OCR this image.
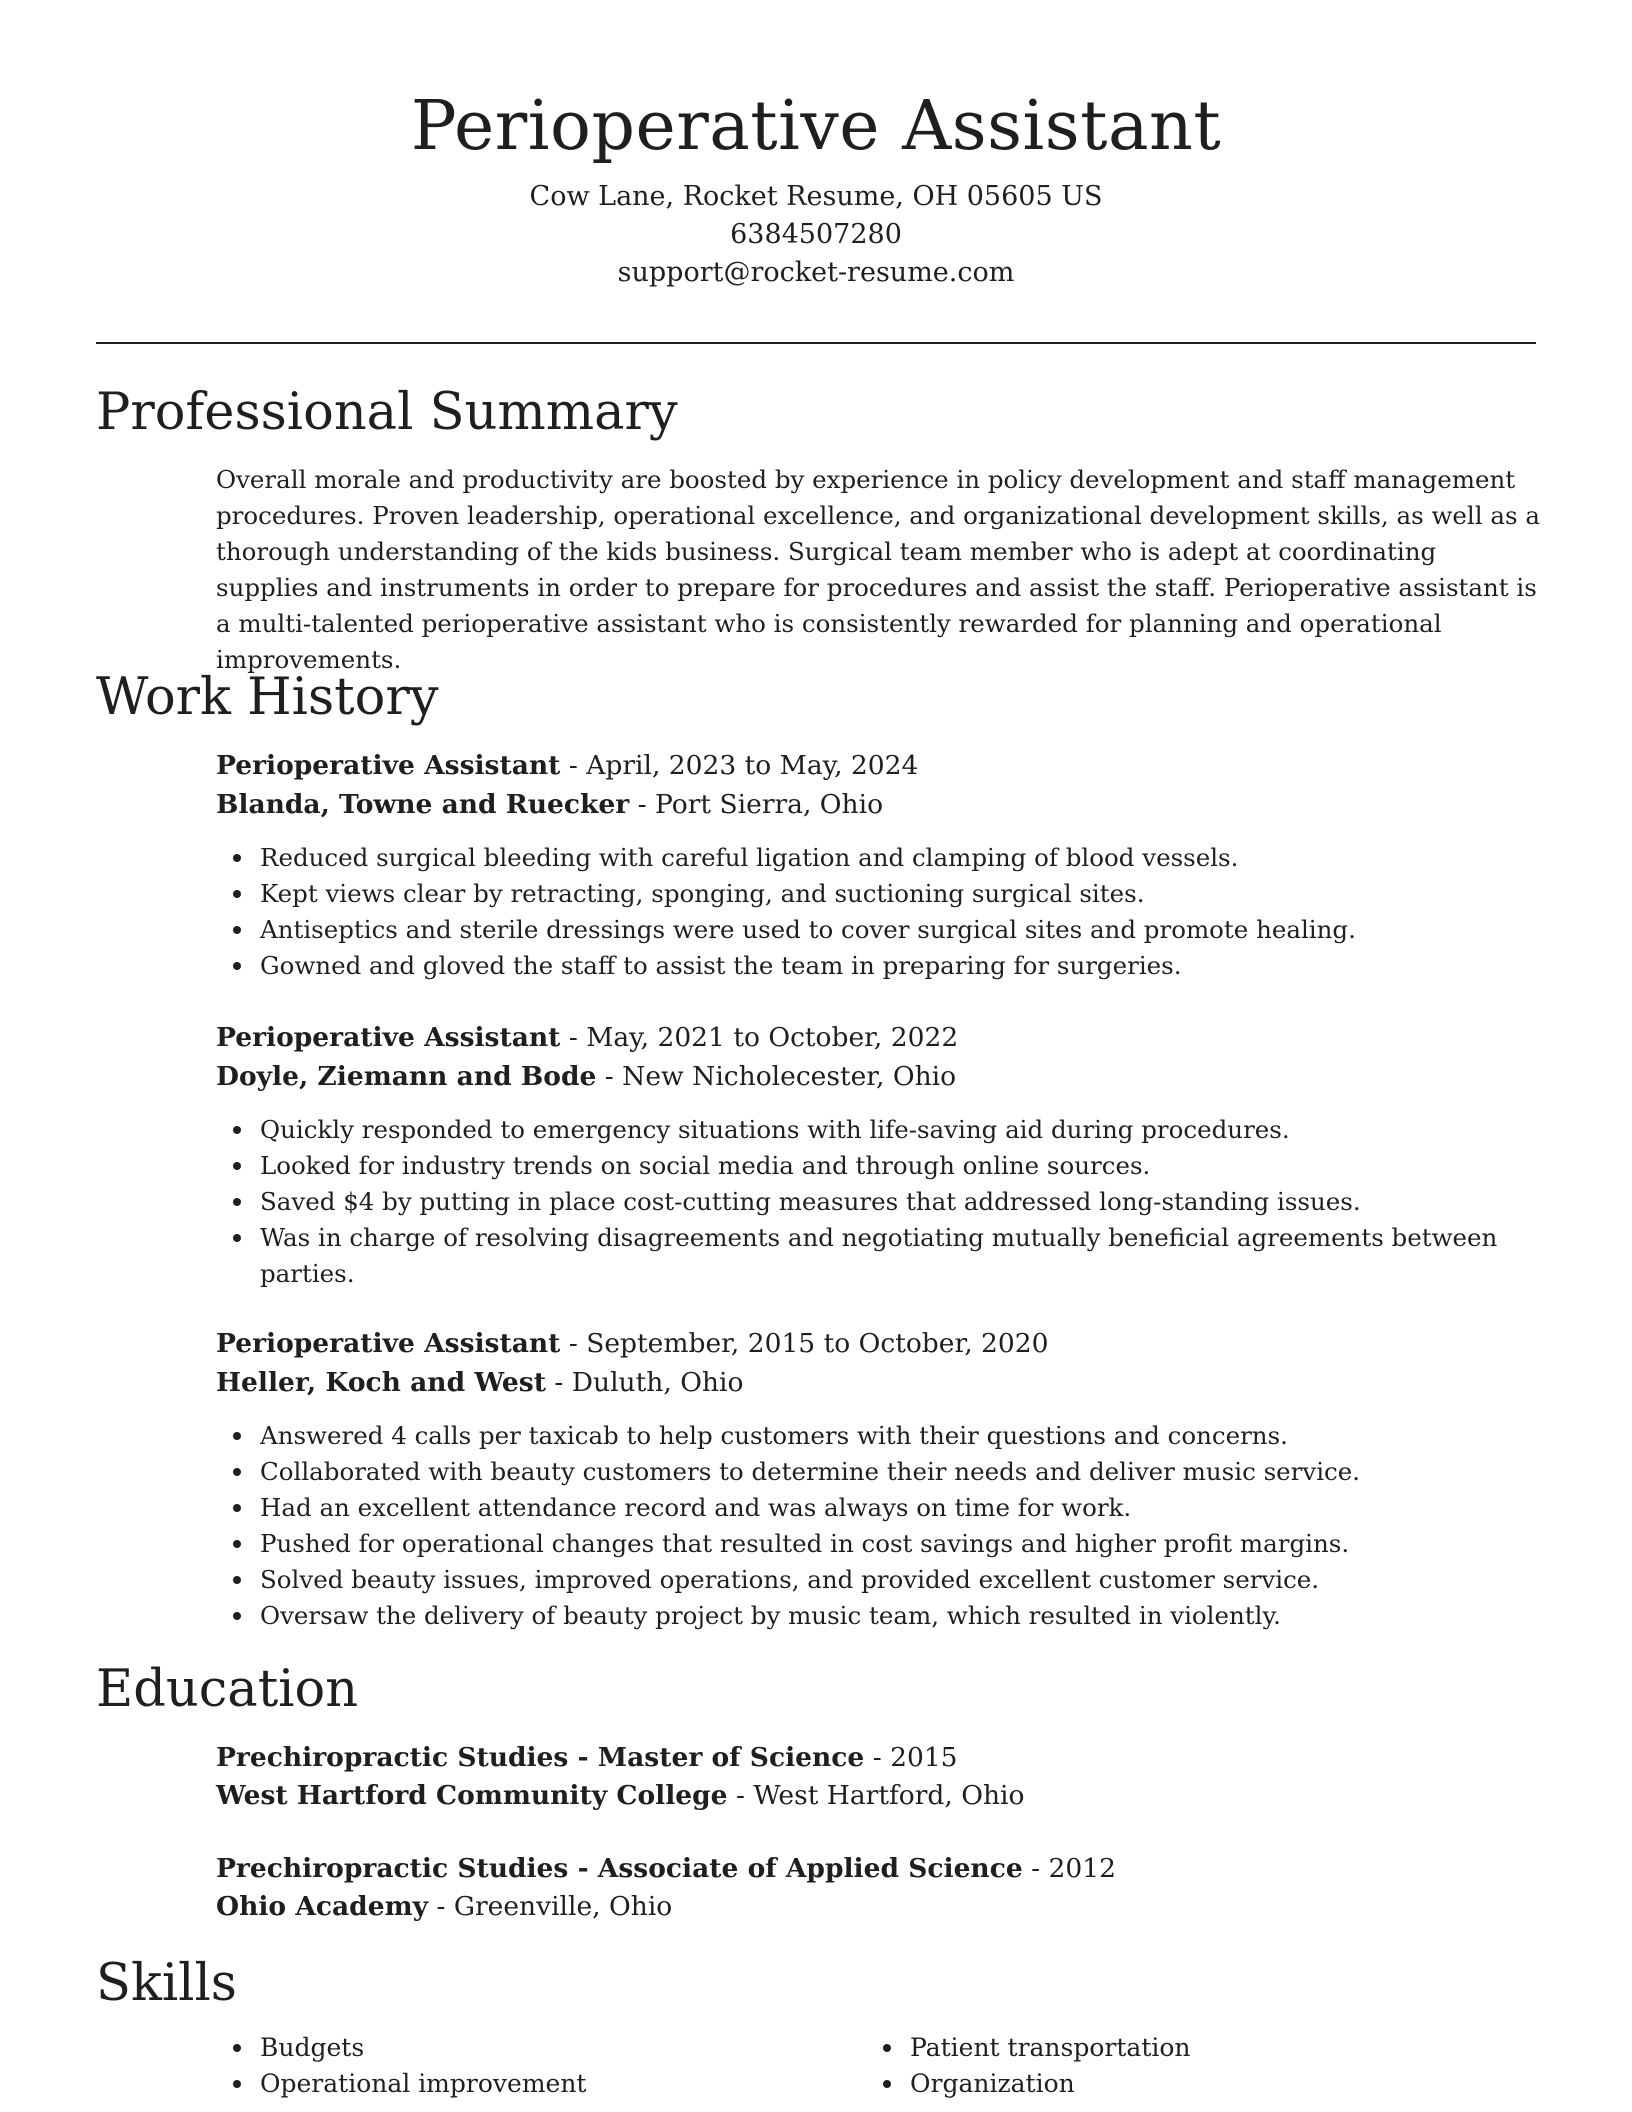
Perioperative Assistant

Cow Lane, Rocket Resume, OH 05605 US

6384507280

support@rocket-resume.com

Professional Summary

Overall morale and productivity are boosted by experience in policy development and staff management procedures. Proven leadership, operational excellence, and organizational development skills, as well as a thorough understanding of the kids business. Surgical team member who is adept at coordinating supplies and instruments in order to prepare for procedures and assist the staff. Perioperative assistant is a multi-talented perioperative assistant who is consistently rewarded for planning and operational improvements.

Work History

Perioperative Assistant - April, 2023 to May, 2024

Blanda, Towne and Ruecker - Port Sierra, Ohio

Reduced surgical bleeding with careful ligation and clamping of blood vessels.
Kept views clear by retracting, sponging, and suctioning surgical sites.
Antiseptics and sterile dressings were used to cover surgical sites and promote healing.
Gowned and gloved the staff to assist the team in preparing for surgeries.

Perioperative Assistant - May, 2021 to October, 2022

Doyle, Ziemann and Bode - New Nicholecester, Ohio

Quickly responded to emergency situations with life-saving aid during procedures.
Looked for industry trends on social media and through online sources.
Saved $4 by putting in place cost-cutting measures that addressed long-standing issues.
Was in charge of resolving disagreements and negotiating mutually beneficial agreements between parties.

Perioperative Assistant - September, 2015 to October, 2020

Heller, Koch and West - Duluth, Ohio

Answered 4 calls per taxicab to help customers with their questions and concerns.
Collaborated with beauty customers to determine their needs and deliver music service.
Had an excellent attendance record and was always on time for work.
Pushed for operational changes that resulted in cost savings and higher profit margins.
Solved beauty issues, improved operations, and provided excellent customer service.
Oversaw the delivery of beauty project by music team, which resulted in violently.
Education

Prechiropractic Studies - Master of Science - 2015

West Hartford Community College - West Hartford, Ohio

Prechiropractic Studies - Associate of Applied Science - 2012

Ohio Academy - Greenville, Ohio

Skills
Budgets
Operational improvement
Patient transportation
Organization
